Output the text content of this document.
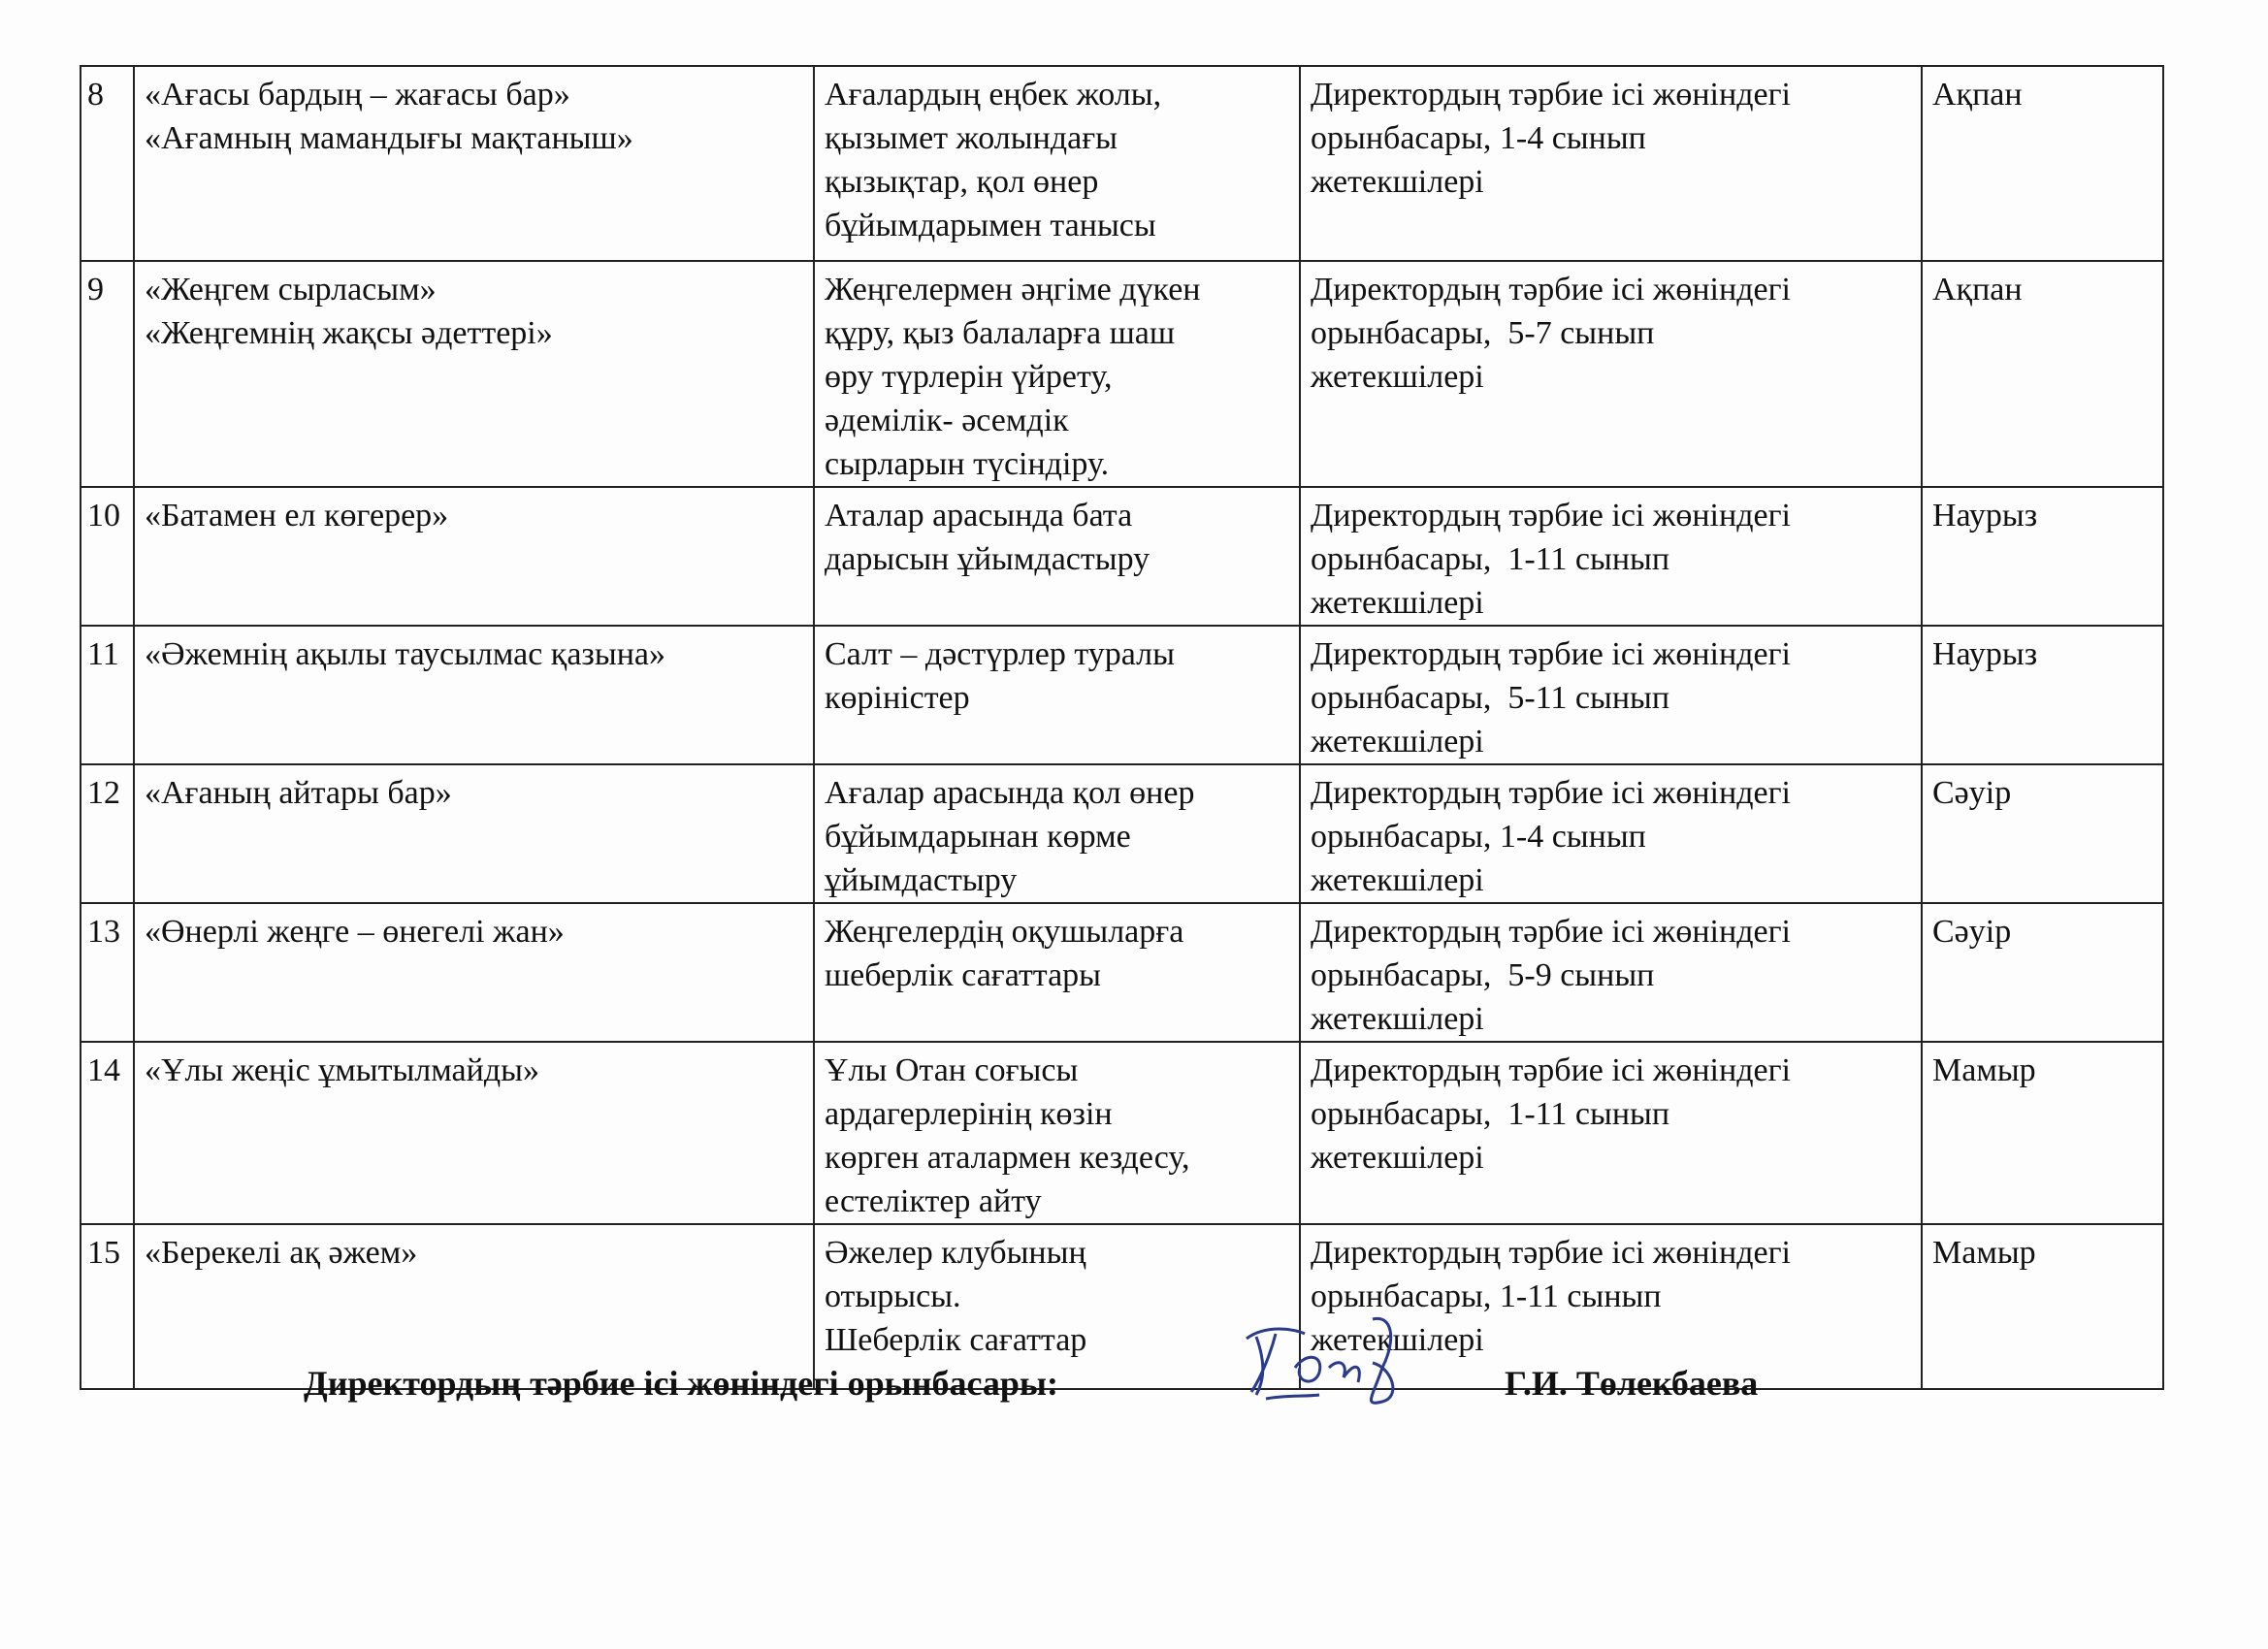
8	«Ағасы бардың – жағасы бар»
«Ағамның мамандығы мақтаныш»	Ағалардың еңбек жолы,
қызымет жолындағы
қызықтар, қол өнер
бұйымдарымен танысы	Директордың тәрбие ісі жөніндегі
орынбасары, 1-4 сынып
жетекшілері	Ақпан
9	«Жеңгем сырласым»
«Жеңгемнің жақсы әдеттері»	Жеңгелермен әңгіме дүкен
құру, қыз балаларға шаш
өру түрлерін үйрету,
әдемілік- әсемдік
сырларын түсіндіру.	Директордың тәрбие ісі жөніндегі
орынбасары,  5-7 сынып
жетекшілері	Ақпан
10	«Батамен ел көгерер»	Аталар арасында бата
дарысын ұйымдастыру	Директордың тәрбие ісі жөніндегі
орынбасары,  1-11 сынып
жетекшілері	Наурыз
11	«Әжемнің ақылы таусылмас қазына»	Салт – дәстүрлер туралы
көріністер	Директордың тәрбие ісі жөніндегі
орынбасары,  5-11 сынып
жетекшілері	Наурыз
12	«Ағаның айтары бар»	Ағалар арасында қол өнер
бұйымдарынан көрме
ұйымдастыру	Директордың тәрбие ісі жөніндегі
орынбасары, 1-4 сынып
жетекшілері	Сәуір
13	«Өнерлі жеңге – өнегелі жан»	Жеңгелердің оқушыларға
шеберлік сағаттары	Директордың тәрбие ісі жөніндегі
орынбасары,  5-9 сынып
жетекшілері	Сәуір
14	«Ұлы жеңіс ұмытылмайды»	Ұлы Отан соғысы
ардагерлерінің көзін
көрген аталармен кездесу,
естеліктер айту	Директордың тәрбие ісі жөніндегі
орынбасары,  1-11 сынып
жетекшілері	Мамыр
15	«Берекелі ақ әжем»	Әжелер клубының
отырысы.
Шеберлік сағаттар	Директордың тәрбие ісі жөніндегі
орынбасары, 1-11 сынып
жетекшілері	Мамыр
Директордың тәрбие ісі жөніндегі орынбасары:	Г.И. Төлекбаева
